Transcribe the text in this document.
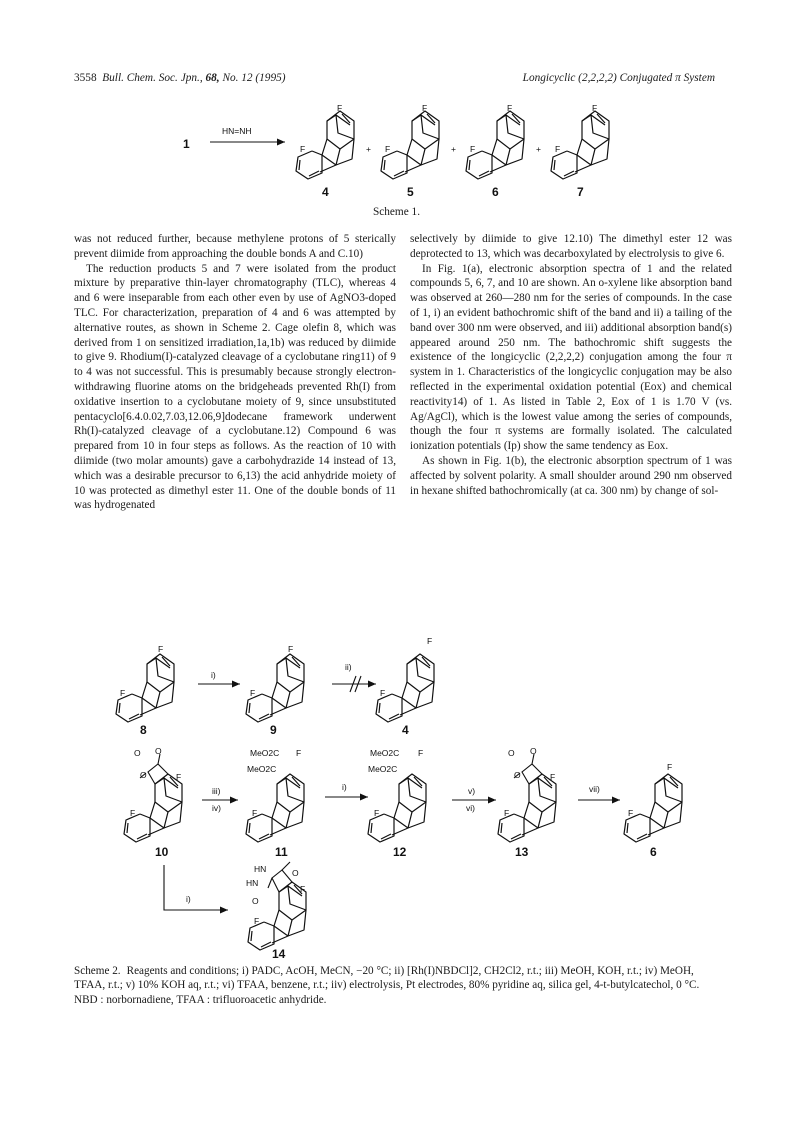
3558 Bull. Chem. Soc. Jpn., 68, No. 12 (1995)	Longicyclic (2,2,2,2) Conjugated π System
1
HN=NH
F
F
4
+
F
F
5
+
F
F
6
+
F
F
7
Scheme 1.

was not reduced further, because methylene protons of 5 sterically prevent diimide from approaching the double bonds A and C.10)

The reduction products 5 and 7 were isolated from the product mixture by preparative thin-layer chromatography (TLC), whereas 4 and 6 were inseparable from each other even by use of AgNO3-doped TLC. For characterization, preparation of 4 and 6 was attempted by alternative routes, as shown in Scheme 2. Cage olefin 8, which was derived from 1 on sensitized irradiation,1a,1b) was reduced by diimide to give 9. Rhodium(I)-catalyzed cleavage of a cyclobutane ring11) of 9 to 4 was not successful. This is presumably because strongly electron-withdrawing fluorine atoms on the bridgeheads prevented Rh(I) from oxidative insertion to a cyclobutane moiety of 9, since unsubstituted pentacyclo[6.4.0.02,7.03,12.06,9]dodecane framework underwent Rh(I)-catalyzed cleavage of a cyclobutane.12) Compound 6 was prepared from 10 in four steps as follows. As the reaction of 10 with diimide (two molar amounts) gave a carbohydrazide 14 instead of 13, which was a desirable precursor to 6,13) the acid anhydride moiety of 10 was protected as dimethyl ester 11. One of the double bonds of 11 was hydrogenated

selectively by diimide to give 12.10) The dimethyl ester 12 was deprotected to 13, which was decarboxylated by electrolysis to give 6.

In Fig. 1(a), electronic absorption spectra of 1 and the related compounds 5, 6, 7, and 10 are shown. An o-xylene like absorption band was observed at 260—280 nm for the series of compounds. In the case of 1, i) an evident bathochromic shift of the band and ii) a tailing of the band over 300 nm were observed, and iii) additional absorption band(s) appeared around 250 nm. The bathochromic shift suggests the existence of the longicyclic (2,2,2,2) conjugation among the four π system in 1. Characteristics of the longicyclic conjugation may be also reflected in the experimental oxidation potential (Eox) and chemical reactivity14) of 1. As listed in Table 2, Eox of 1 is 1.70 V (vs. Ag/AgCl), which is the lowest value among the series of compounds, though the four π systems are formally isolated. The calculated ionization potentials (Ip) show the same tendency as Eox.

As shown in Fig. 1(b), the electronic absorption spectrum of 1 was affected by solvent polarity. A small shoulder around 290 nm observed in hexane shifted bathochromically (at ca. 300 nm) by change of sol-

F
F
8
i)
F
F
9
ii)
F
F
4
O O
O	F
F
10
iii)
iv)
MeO2C F
MeO2C
F
11
i)
MeO2C F
MeO2C
F
12
v)
vi)
O O
O	F
F
13
vii)
F
F
6
i)
HN
HN
O
F
O
F
14
Scheme 2. Reagents and conditions; i) PADC, AcOH, MeCN, −20 °C; ii) [Rh(I)NBDCl]2, CH2Cl2, r.t.; iii) MeOH, KOH, r.t.; iv) MeOH, TFAA, r.t.; v) 10% KOH aq, r.t.; vi) TFAA, benzene, r.t.; iiv) electrolysis, Pt electrodes, 80% pyridine aq, silica gel, 4-t-butylcatechol, 0 °C. NBD : norbornadiene, TFAA : trifluoroacetic anhydride.
